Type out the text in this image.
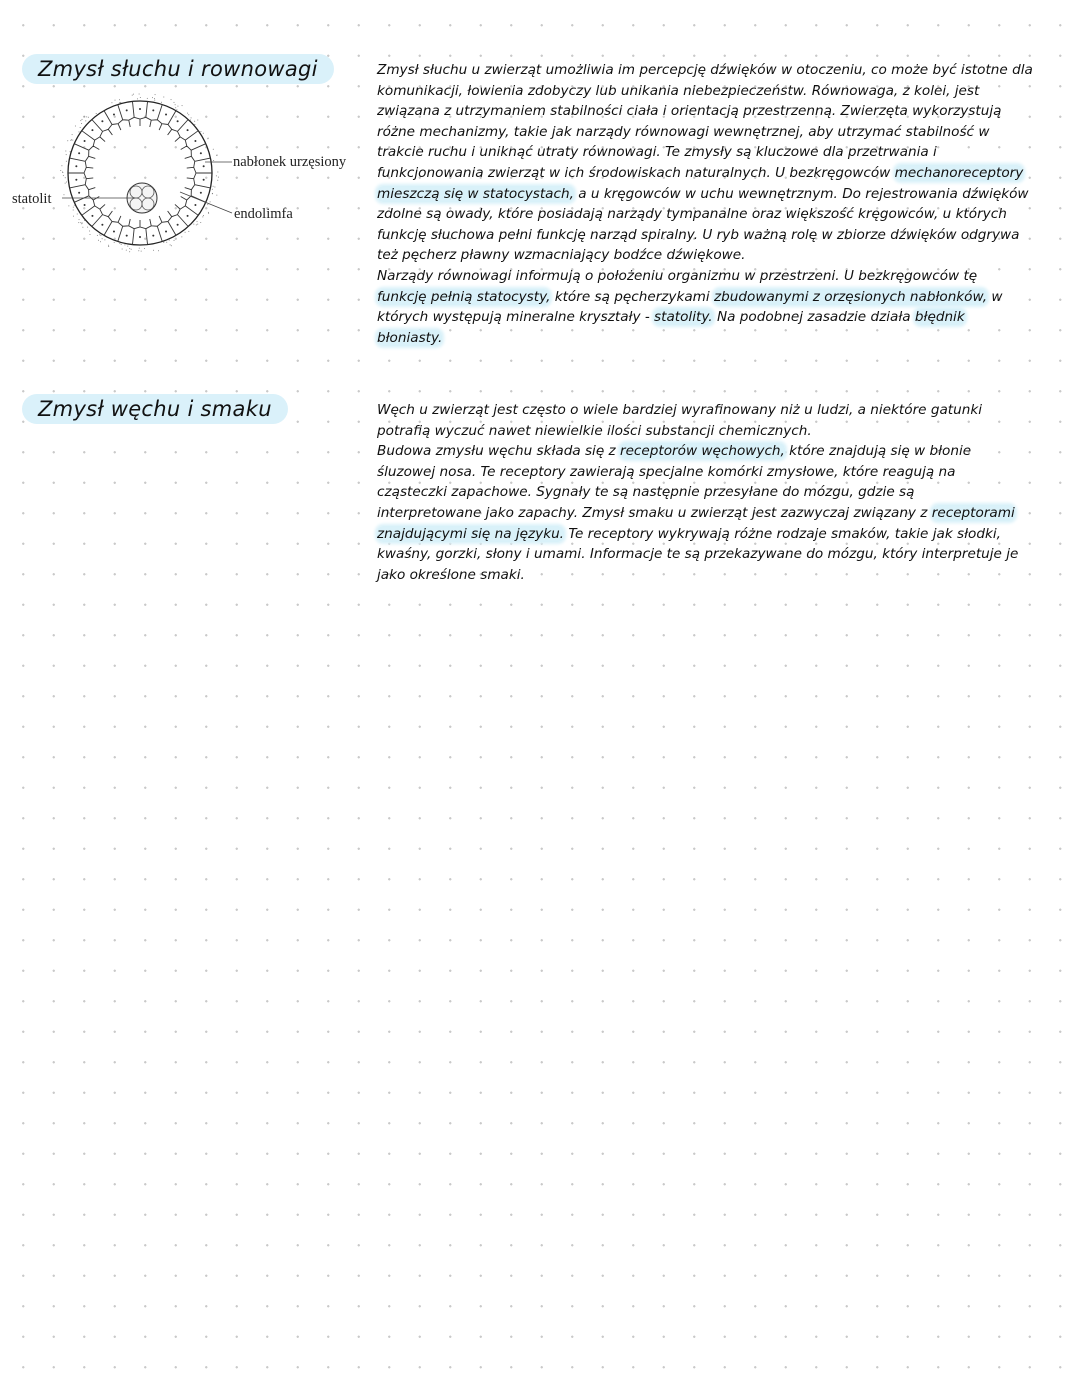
Zmysł słuchu i rownowagi
statolit
nabłonek urzęsiony
endolimfa
Zmysł słuchu u zwierząt umożliwia im percepcję dźwięków w otoczeniu, co może być istotne dla
komunikacji, łowienia zdobyczy lub unikania niebezpieczeństw. Równowaga, z kolei, jest
związana z utrzymaniem stabilności ciała i orientacją przestrzenną. Zwierzęta wykorzystują
różne mechanizmy, takie jak narządy równowagi wewnętrznej, aby utrzymać stabilność w
trakcie ruchu i uniknąć utraty równowagi. Te zmysły są kluczowe dla przetrwania i
funkcjonowania zwierząt w ich środowiskach naturalnych. U bezkręgowców mechanoreceptory
mieszczą się w statocystach, a u kręgowców w uchu wewnętrznym. Do rejestrowania dźwięków
zdolne są owady, które posiadają narządy tympanalne oraz większość kręgowców, u których
funkcję słuchowa pełni funkcję narząd spiralny. U ryb ważną rolę w zbiorze dźwięków odgrywa
też pęcherz pławny wzmacniający bodźce dźwiękowe.
Narządy równowagi informują o położeniu organizmu w przestrzeni. U bezkręgowców tę
funkcję pełnią statocysty, które są pęcherzykami zbudowanymi z orzęsionych nabłonków, w
których występują mineralne kryształy - statolity. Na podobnej zasadzie działa błędnik
błoniasty.
Zmysł węchu i smaku	Węch u zwierząt jest często o wiele bardziej wyrafinowany niż u ludzi, a niektóre gatunki
potrafią wyczuć nawet niewielkie ilości substancji chemicznych.
Budowa zmysłu węchu składa się z receptorów węchowych, które znajdują się w błonie
śluzowej nosa. Te receptory zawierają specjalne komórki zmysłowe, które reagują na
cząsteczki zapachowe. Sygnały te są następnie przesyłane do mózgu, gdzie są
interpretowane jako zapachy. Zmysł smaku u zwierząt jest zazwyczaj związany z receptorami
znajdującymi się na języku. Te receptory wykrywają różne rodzaje smaków, takie jak słodki,
kwaśny, gorzki, słony i umami. Informacje te są przekazywane do mózgu, który interpretuje je
jako określone smaki.
